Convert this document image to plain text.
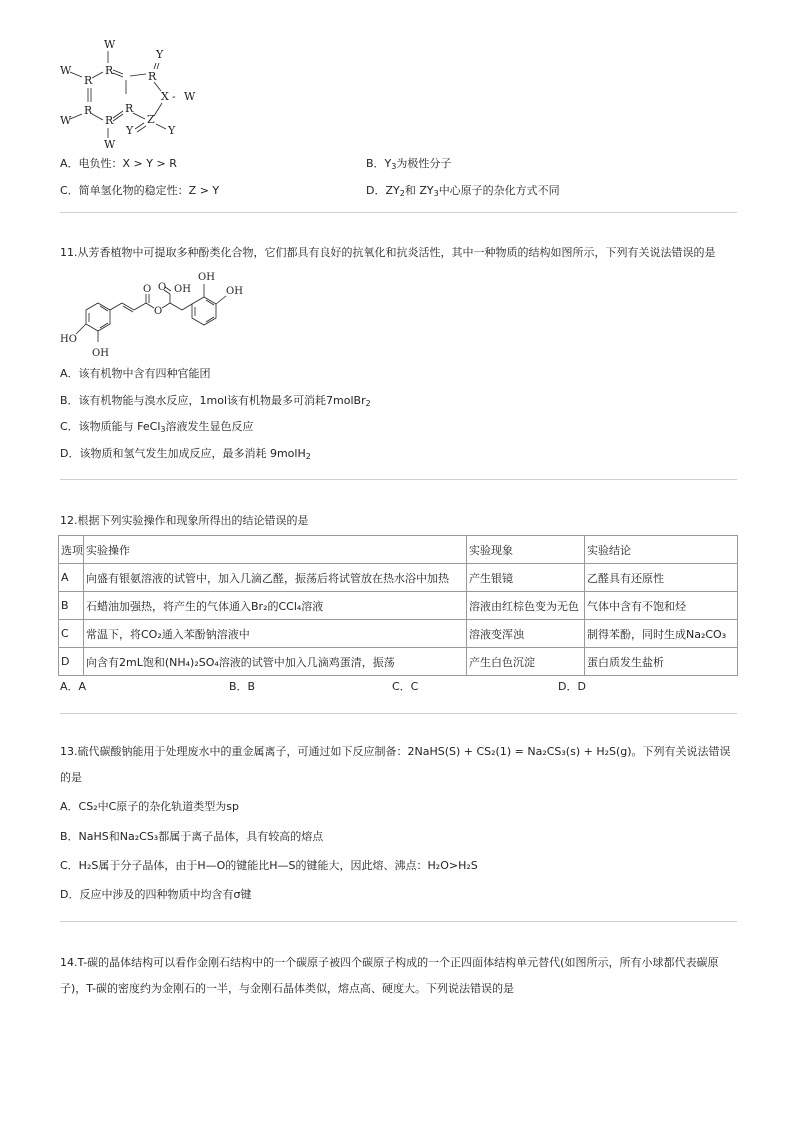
W
W
R
R	R
Y
X - W
R
W	R
R
Z
Y	Y
W
A．电负性：X > Y > R	B．$Y_3$为极性分子
C．简单氢化物的稳定性：Z > Y	D．$ZY_2$和 $ZY_3$中心原子的杂化方式不同
11.从芳香植物中可提取多种酚类化合物，它们都具有良好的抗氧化和抗炎活性，其中一种物质的结构如图所示，下列有关说法错误的是
OH
OH
O OH
O
O
HO
OH
A．该有机物中含有四种官能团
B．该有机物能与溴水反应，1mol该有机物最多可消耗7molBr$_2$
C．该物质能与 FeCl$_3$溶液发生显色反应
D．该物质和氢气发生加成反应，最多消耗 9molH$_2$
12.根据下列实验操作和现象所得出的结论错误的是
选项	实验操作	实验现象	实验结论
A	向盛有银氨溶液的试管中，加入几滴乙醛，振荡后将试管放在热水浴中加热	产生银镜	乙醛具有还原性
B	石蜡油加强热，将产生的气体通入Br₂的CCl₄溶液	溶液由红棕色变为无色	气体中含有不饱和烃
C	常温下，将CO₂通入苯酚钠溶液中	溶液变浑浊	制得苯酚，同时生成Na₂CO₃
D	向含有2mL饱和(NH₄)₂SO₄溶液的试管中加入几滴鸡蛋清，振荡	产生白色沉淀	蛋白质发生盐析
A．A	B．B	C．C	D．D
13.硫代碳酸钠能用于处理废水中的重金属离子，可通过如下反应制备：2NaHS(S) + CS₂(1) = Na₂CS₃(s) + H₂S(g)。下列有关说法错误的是
A．CS₂中C原子的杂化轨道类型为sp
B．NaHS和Na₂CS₃都属于离子晶体，具有较高的熔点
C．H₂S属于分子晶体，由于H—O的键能比H—S的键能大，因此熔、沸点：H₂O>H₂S
D．反应中涉及的四种物质中均含有σ键
14.T-碳的晶体结构可以看作金刚石结构中的一个碳原子被四个碳原子构成的一个正四面体结构单元替代(如图所示，所有小球都代表碳原子)，T-碳的密度约为金刚石的一半，与金刚石晶体类似，熔点高、硬度大。下列说法错误的是
